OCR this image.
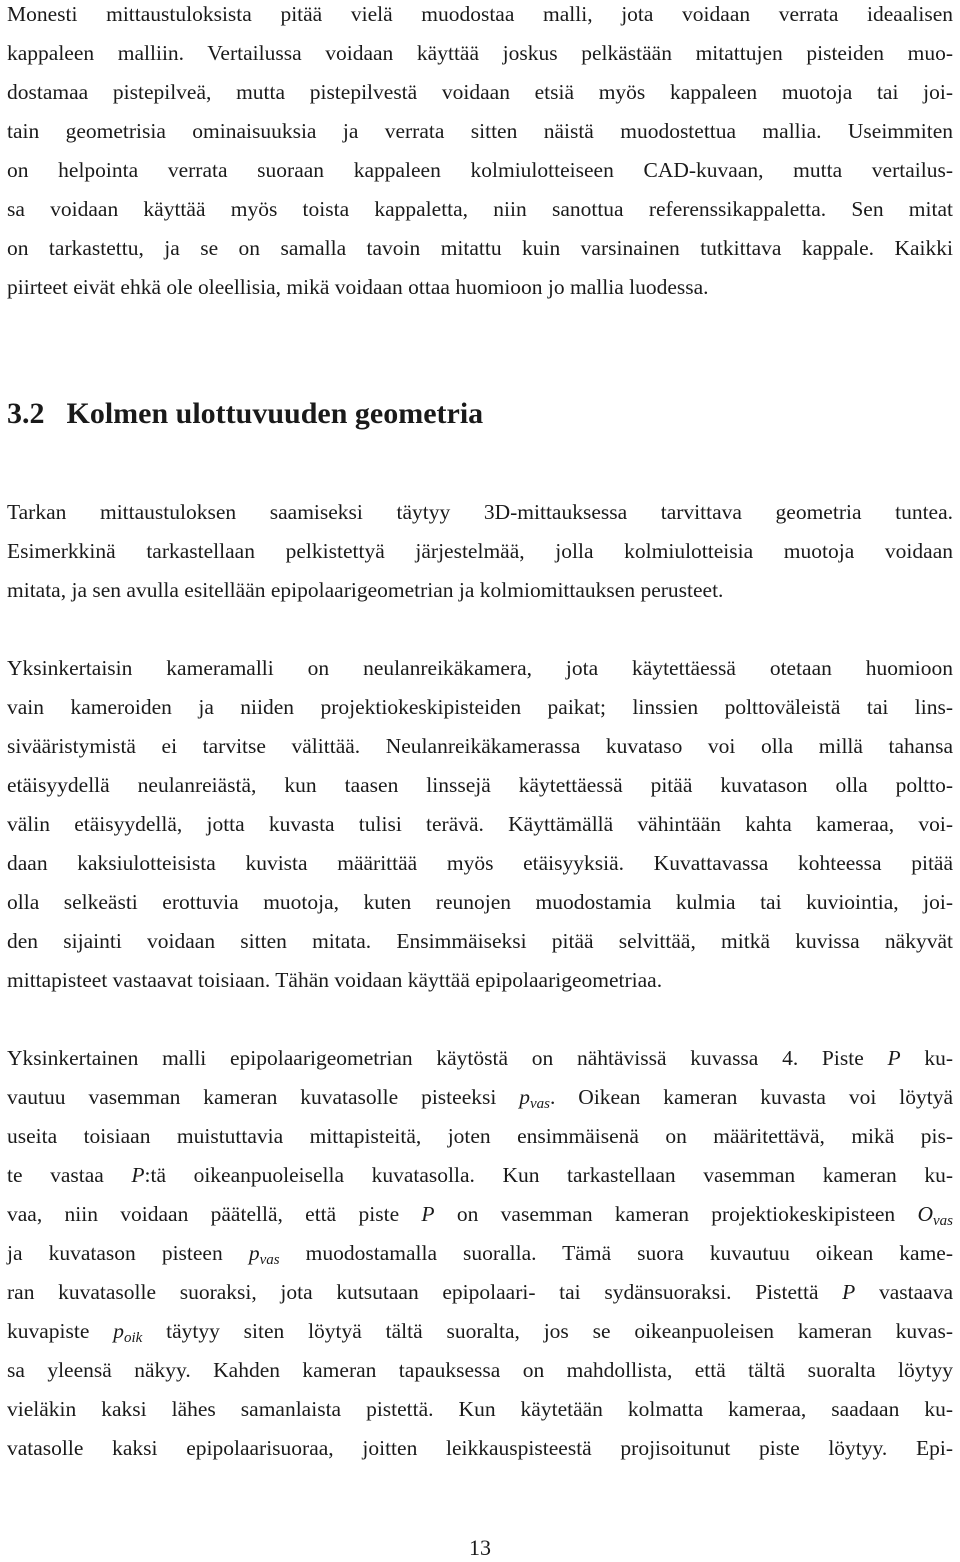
Monesti mittaustuloksista pitää vielä muodostaa malli, jota voidaan verrata ideaalisen
kappaleen malliin. Vertailussa voidaan käyttää joskus pelkästään mitattujen pisteiden muo-
dostamaa pistepilveä, mutta pistepilvestä voidaan etsiä myös kappaleen muotoja tai joi-
tain geometrisia ominaisuuksia ja verrata sitten näistä muodostettua mallia. Useimmiten
on helpointa verrata suoraan kappaleen kolmiulotteiseen CAD-kuvaan, mutta vertailus-
sa voidaan käyttää myös toista kappaletta, niin sanottua referenssikappaletta. Sen mitat
on tarkastettu, ja se on samalla tavoin mitattu kuin varsinainen tutkittava kappale. Kaikki
piirteet eivät ehkä ole oleellisia, mikä voidaan ottaa huomioon jo mallia luodessa.
3.2 Kolmen ulottuvuuden geometria
Tarkan mittaustuloksen saamiseksi täytyy 3D-mittauksessa tarvittava geometria tuntea.
Esimerkkinä tarkastellaan pelkistettyä järjestelmää, jolla kolmiulotteisia muotoja voidaan
mitata, ja sen avulla esitellään epipolaarigeometrian ja kolmiomittauksen perusteet.
Yksinkertaisin kameramalli on neulanreikäkamera, jota käytettäessä otetaan huomioon
vain kameroiden ja niiden projektiokeskipisteiden paikat; linssien polttoväleistä tai lins-
sivääristymistä ei tarvitse välittää. Neulanreikäkamerassa kuvataso voi olla millä tahansa
etäisyydellä neulanreiästä, kun taasen linssejä käytettäessä pitää kuvatason olla poltto-
välin etäisyydellä, jotta kuvasta tulisi terävä. Käyttämällä vähintään kahta kameraa, voi-
daan kaksiulotteisista kuvista määrittää myös etäisyyksiä. Kuvattavassa kohteessa pitää
olla selkeästi erottuvia muotoja, kuten reunojen muodostamia kulmia tai kuviointia, joi-
den sijainti voidaan sitten mitata. Ensimmäiseksi pitää selvittää, mitkä kuvissa näkyvät
mittapisteet vastaavat toisiaan. Tähän voidaan käyttää epipolaarigeometriaa.
Yksinkertainen malli epipolaarigeometrian käytöstä on nähtävissä kuvassa 4. Piste P ku-
vautuu vasemman kameran kuvatasolle pisteeksi $p_{vas}$. Oikean kameran kuvasta voi löytyä
useita toisiaan muistuttavia mittapisteitä, joten ensimmäisenä on määritettävä, mikä pis-
te vastaa P:tä oikeanpuoleisella kuvatasolla. Kun tarkastellaan vasemman kameran ku-
vaa, niin voidaan päätellä, että piste P on vasemman kameran projektiokeskipisteen $O_{vas}$
ja kuvatason pisteen $p_{vas}$ muodostamalla suoralla. Tämä suora kuvautuu oikean kame-
ran kuvatasolle suoraksi, jota kutsutaan epipolaari- tai sydänsuoraksi. Pistettä P vastaava
kuvapiste $p_{oik}$ täytyy siten löytyä tältä suoralta, jos se oikeanpuoleisen kameran kuvas-
sa yleensä näkyy. Kahden kameran tapauksessa on mahdollista, että tältä suoralta löytyy
vieläkin kaksi lähes samanlaista pistettä. Kun käytetään kolmatta kameraa, saadaan ku-
vatasolle kaksi epipolaarisuoraa, joitten leikkauspisteestä projisoitunut piste löytyy. Epi-
13
